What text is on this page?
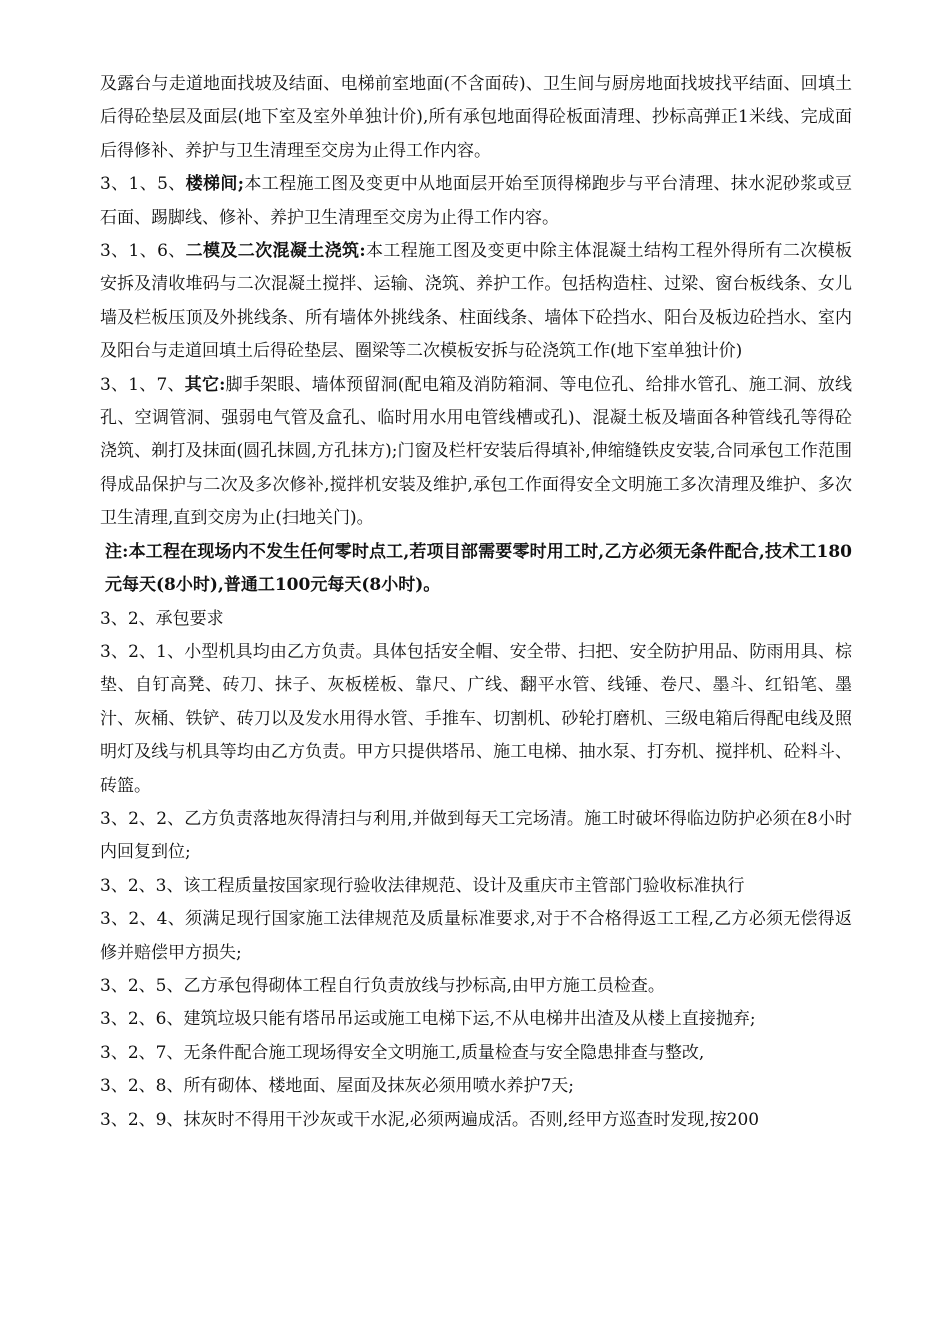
及露台与走道地面找坡及结面、电梯前室地面(不含面砖)、卫生间与厨房地面找坡找平结面、回填土后得砼垫层及面层(地下室及室外单独计价),所有承包地面得砼板面清理、抄标高弹正1米线、完成面后得修补、养护与卫生清理至交房为止得工作内容。

3、1、5、楼梯间;本工程施工图及变更中从地面层开始至顶得梯跑步与平台清理、抹水泥砂浆或豆石面、踢脚线、修补、养护卫生清理至交房为止得工作内容。

3、1、6、二模及二次混凝土浇筑:本工程施工图及变更中除主体混凝土结构工程外得所有二次模板安拆及清收堆码与二次混凝土搅拌、运输、浇筑、养护工作。包括构造柱、过梁、窗台板线条、女儿墙及栏板压顶及外挑线条、所有墙体外挑线条、柱面线条、墙体下砼挡水、阳台及板边砼挡水、室内及阳台与走道回填土后得砼垫层、圈梁等二次模板安拆与砼浇筑工作(地下室单独计价)

3、1、7、其它:脚手架眼、墙体预留洞(配电箱及消防箱洞、等电位孔、给排水管孔、施工洞、放线孔、空调管洞、强弱电气管及盒孔、临时用水用电管线槽或孔)、混凝土板及墙面各种管线孔等得砼浇筑、剃打及抹面(圆孔抹圆,方孔抹方);门窗及栏杆安装后得填补,伸缩缝铁皮安装,合同承包工作范围得成品保护与二次及多次修补,搅拌机安装及维护,承包工作面得安全文明施工多次清理及维护、多次卫生清理,直到交房为止(扫地关门)。

注:本工程在现场内不发生任何零时点工,若项目部需要零时用工时,乙方必须无条件配合,技术工180元每天(8小时),普通工100元每天(8小时)。

3、2、承包要求

3、2、1、小型机具均由乙方负责。具体包括安全帽、安全带、扫把、安全防护用品、防雨用具、棕垫、自钉高凳、砖刀、抹子、灰板槎板、靠尺、广线、翻平水管、线锤、卷尺、墨斗、红铅笔、墨汁、灰桶、铁铲、砖刀以及发水用得水管、手推车、切割机、砂轮打磨机、三级电箱后得配电线及照明灯及线与机具等均由乙方负责。甲方只提供塔吊、施工电梯、抽水泵、打夯机、搅拌机、砼料斗、砖篮。

3、2、2、乙方负责落地灰得清扫与利用,并做到每天工完场清。施工时破坏得临边防护必须在8小时内回复到位;

3、2、3、该工程质量按国家现行验收法律规范、设计及重庆市主管部门验收标准执行

3、2、4、须满足现行国家施工法律规范及质量标准要求,对于不合格得返工工程,乙方必须无偿得返修并赔偿甲方损失;

3、2、5、乙方承包得砌体工程自行负责放线与抄标高,由甲方施工员检查。

3、2、6、建筑垃圾只能有塔吊吊运或施工电梯下运,不从电梯井出渣及从楼上直接抛弃;

3、2、7、无条件配合施工现场得安全文明施工,质量检查与安全隐患排查与整改,

3、2、8、所有砌体、楼地面、屋面及抹灰必须用喷水养护7天;

3、2、9、抹灰时不得用干沙灰或干水泥,必须两遍成活。否则,经甲方巡查时发现,按200
